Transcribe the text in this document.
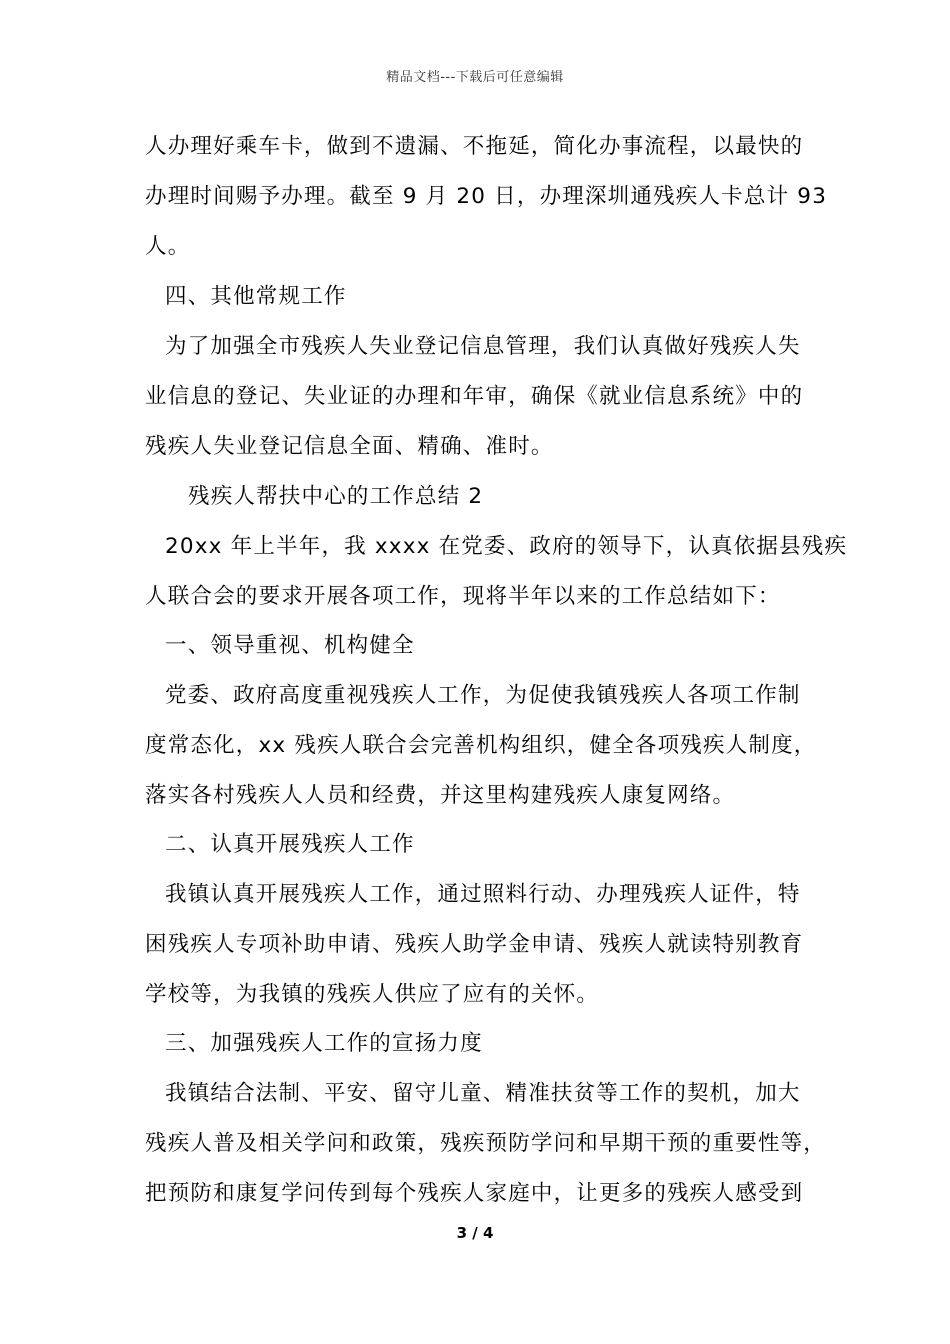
精品文档---下载后可任意编辑
人办理好乘车卡，做到不遗漏、不拖延，简化办事流程，以最快的
办理时间赐予办理。截至 9 月 20 日，办理深圳通残疾人卡总计 93
人。
四、其他常规工作
为了加强全市残疾人失业登记信息管理，我们认真做好残疾人失
业信息的登记、失业证的办理和年审，确保《就业信息系统》中的
残疾人失业登记信息全面、精确、准时。
残疾人帮扶中心的工作总结 2
20xx 年上半年，我 xxxx 在党委、政府的领导下，认真依据县残疾
人联合会的要求开展各项工作，现将半年以来的工作总结如下：
一、领导重视、机构健全
党委、政府高度重视残疾人工作，为促使我镇残疾人各项工作制
度常态化，xx 残疾人联合会完善机构组织，健全各项残疾人制度，
落实各村残疾人人员和经费，并这里构建残疾人康复网络。
二、认真开展残疾人工作
我镇认真开展残疾人工作，通过照料行动、办理残疾人证件，特
困残疾人专项补助申请、残疾人助学金申请、残疾人就读特别教育
学校等，为我镇的残疾人供应了应有的关怀。
三、加强残疾人工作的宣扬力度
我镇结合法制、平安、留守儿童、精准扶贫等工作的契机，加大
残疾人普及相关学问和政策，残疾预防学问和早期干预的重要性等，
把预防和康复学问传到每个残疾人家庭中，让更多的残疾人感受到
3 / 4
